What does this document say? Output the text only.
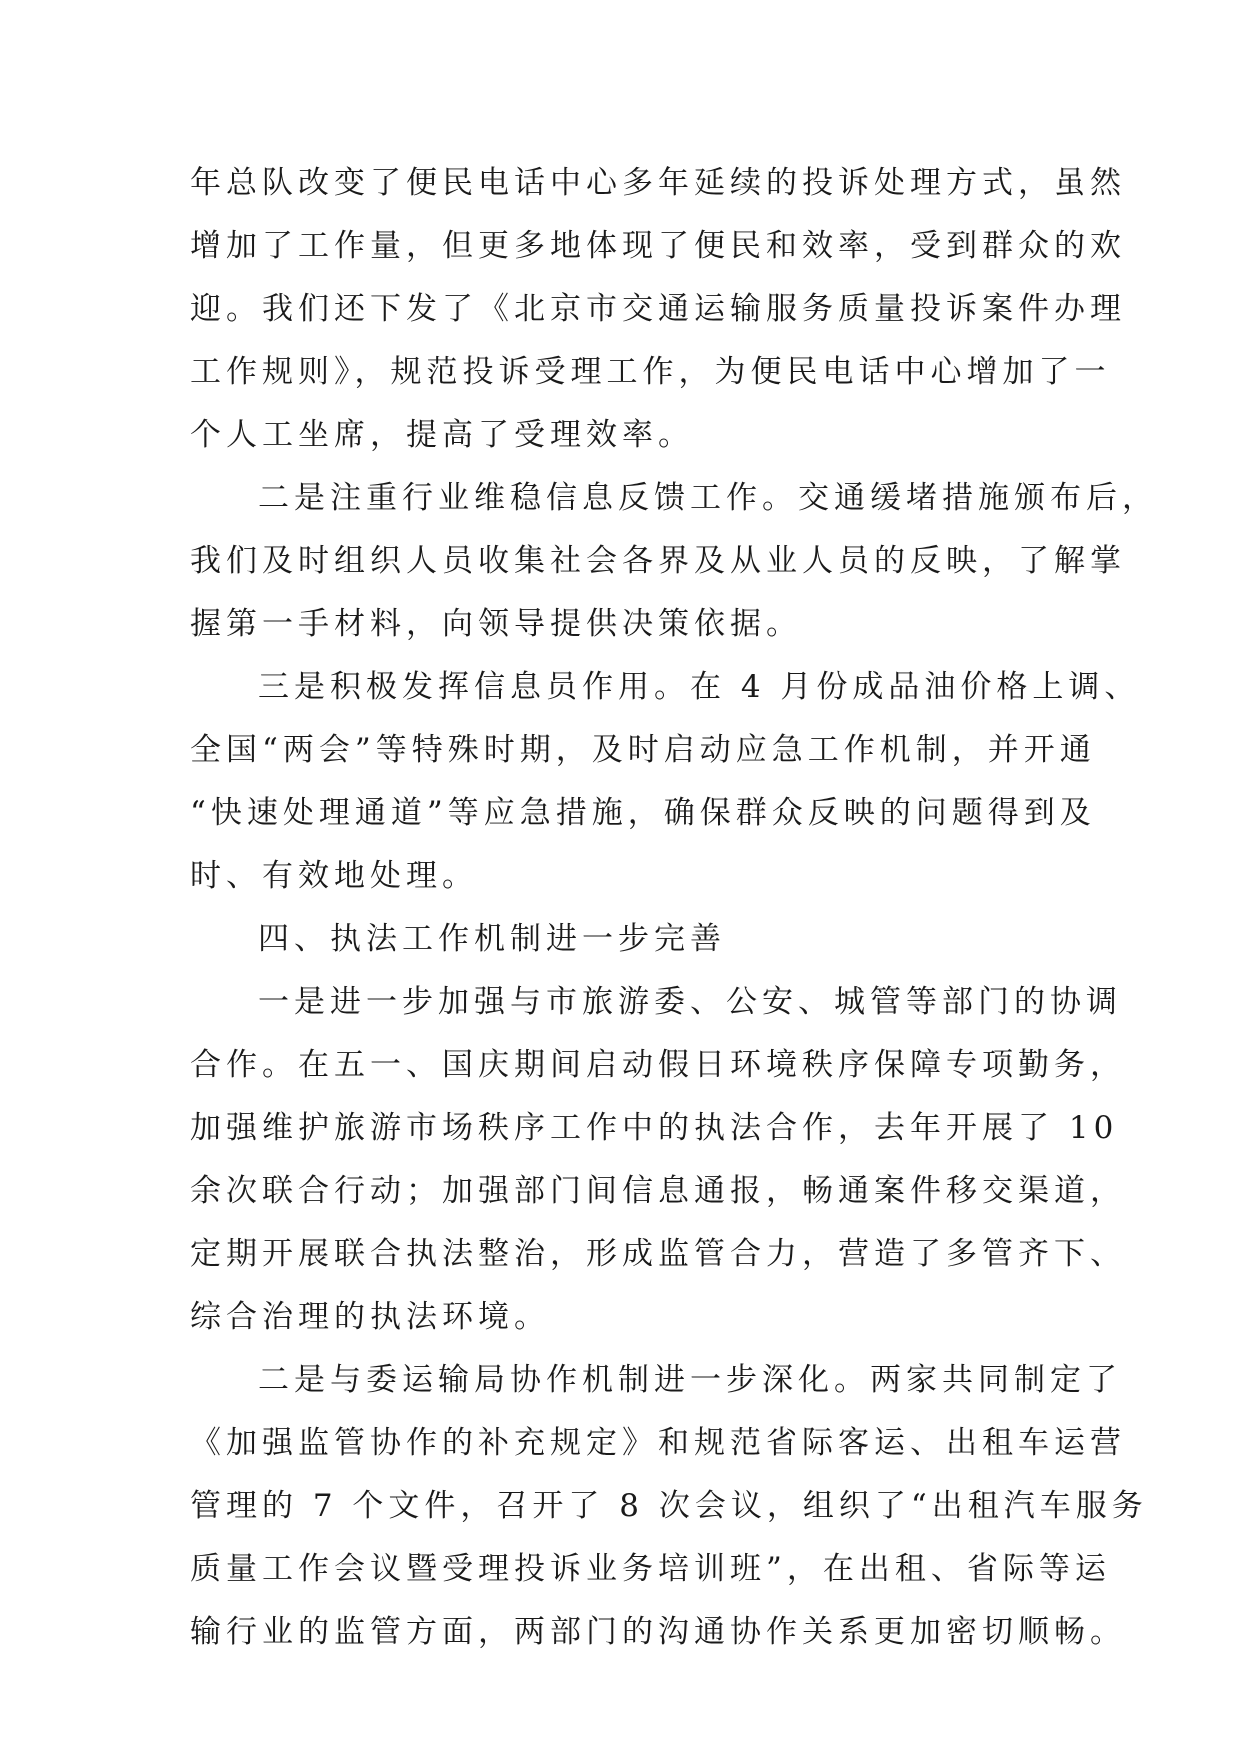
年总队改变了便民电话中心多年延续的投诉处理方式，虽然
增加了工作量，但更多地体现了便民和效率，受到群众的欢
迎。我们还下发了《北京市交通运输服务质量投诉案件办理
工作规则》，规范投诉受理工作，为便民电话中心增加了一
个人工坐席，提高了受理效率。
二是注重行业维稳信息反馈工作。交通缓堵措施颁布后，
我们及时组织人员收集社会各界及从业人员的反映，了解掌
握第一手材料，向领导提供决策依据。
三是积极发挥信息员作用。在 4 月份成品油价格上调、
全国“两会”等特殊时期，及时启动应急工作机制，并开通
“快速处理通道”等应急措施，确保群众反映的问题得到及
时、有效地处理。
四、执法工作机制进一步完善
一是进一步加强与市旅游委、公安、城管等部门的协调
合作。在五一、国庆期间启动假日环境秩序保障专项勤务，
加强维护旅游市场秩序工作中的执法合作，去年开展了 10
余次联合行动；加强部门间信息通报，畅通案件移交渠道，
定期开展联合执法整治，形成监管合力，营造了多管齐下、
综合治理的执法环境。
二是与委运输局协作机制进一步深化。两家共同制定了
《加强监管协作的补充规定》和规范省际客运、出租车运营
管理的 7 个文件，召开了 8 次会议，组织了“出租汽车服务
质量工作会议暨受理投诉业务培训班”，在出租、省际等运
输行业的监管方面，两部门的沟通协作关系更加密切顺畅。
